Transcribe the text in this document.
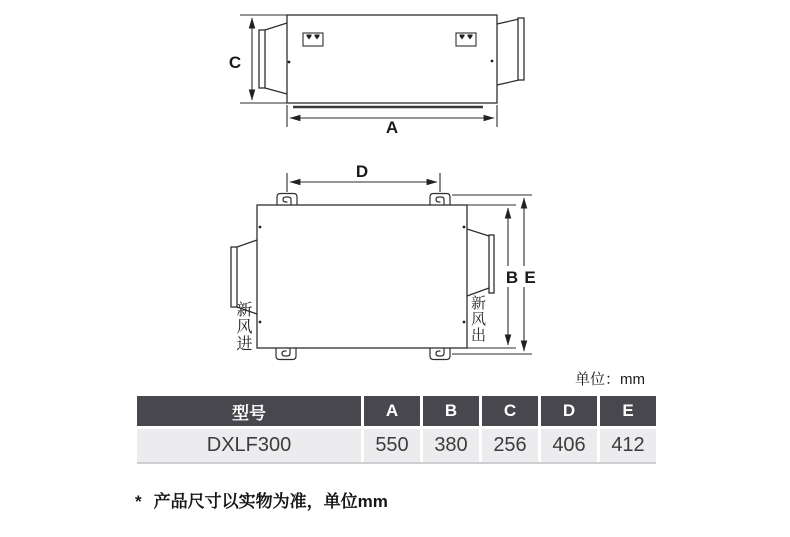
C
A
D
B E
新风进	新风出
单位：mm
型号	A	B	C	D	E
DXLF300	550	380	256	406	412
* 产品尺寸以实物为准，单位mm
